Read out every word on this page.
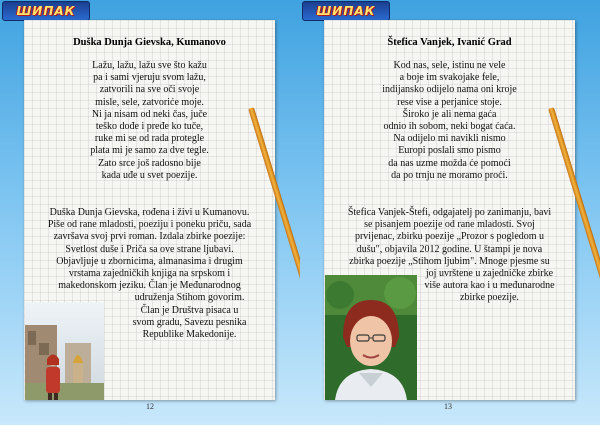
ШИПАК
Duška Dunja Gievska, Kumanovo
Lažu, lažu, lažu sve što kažu
pa i sami vjeruju svom lažu,
zatvorili na sve oči svoje
misle, sele, zatvoriće moje.
Ni ja nisam od neki čas, juče
teško dođe i pređe ko tuče,
ruke mi se od rada protegle
plata mi je samo za dve tegle.
Zato srce još radosno bije
kada uđe u svet poezije.
Duška Dunja Gievska, rođena i živi u Kumanovu.
Piše od rane mladosti, poeziju i poneku priču, sada
završava svoj prvi roman. Izdala zbirke poezije:
Svetlost duše i Priča sa ove strane ljubavi.
Objavljuje u zbornicima, almanasima i drugim
vrstama zajedničkih knjiga na srpskom i
makedonskom jeziku. Član je Međunarodnog
udruženja Stihom govorim.
Član je Društva pisaca u
svom gradu, Savezu pesnika
Republike Makedonije.
12
ШИПАК
Štefica Vanjek, Ivanić Grad
Kod nas, sele, istinu ne vele
a boje im svakojake fele,
indijansko odijelo nama oni kroje
rese vise a perjanice stoje.
Široko je ali nema gaća
odnio ih sobom, neki bogat ćaća.
Na odijelo mi navikli nismo
Europi poslali smo pismo
da nas uzme možda će pomoći
da po trnju ne moramo proći.
Štefica Vanjek-Štefi, odgajatelj po zanimanju, bavi
se pisanjem poezije od rane mladosti. Svoj
prvijenac, zbirku poezije „Prozor s pogledom u
dušu", objavila 2012 godine. U štampi je nova
zbirka poezije „Stihom ljubim". Mnoge pjesme su
joj uvrštene u zajedničke zbirke
više autora kao i u međunarodne
zbirke poezije.
13
